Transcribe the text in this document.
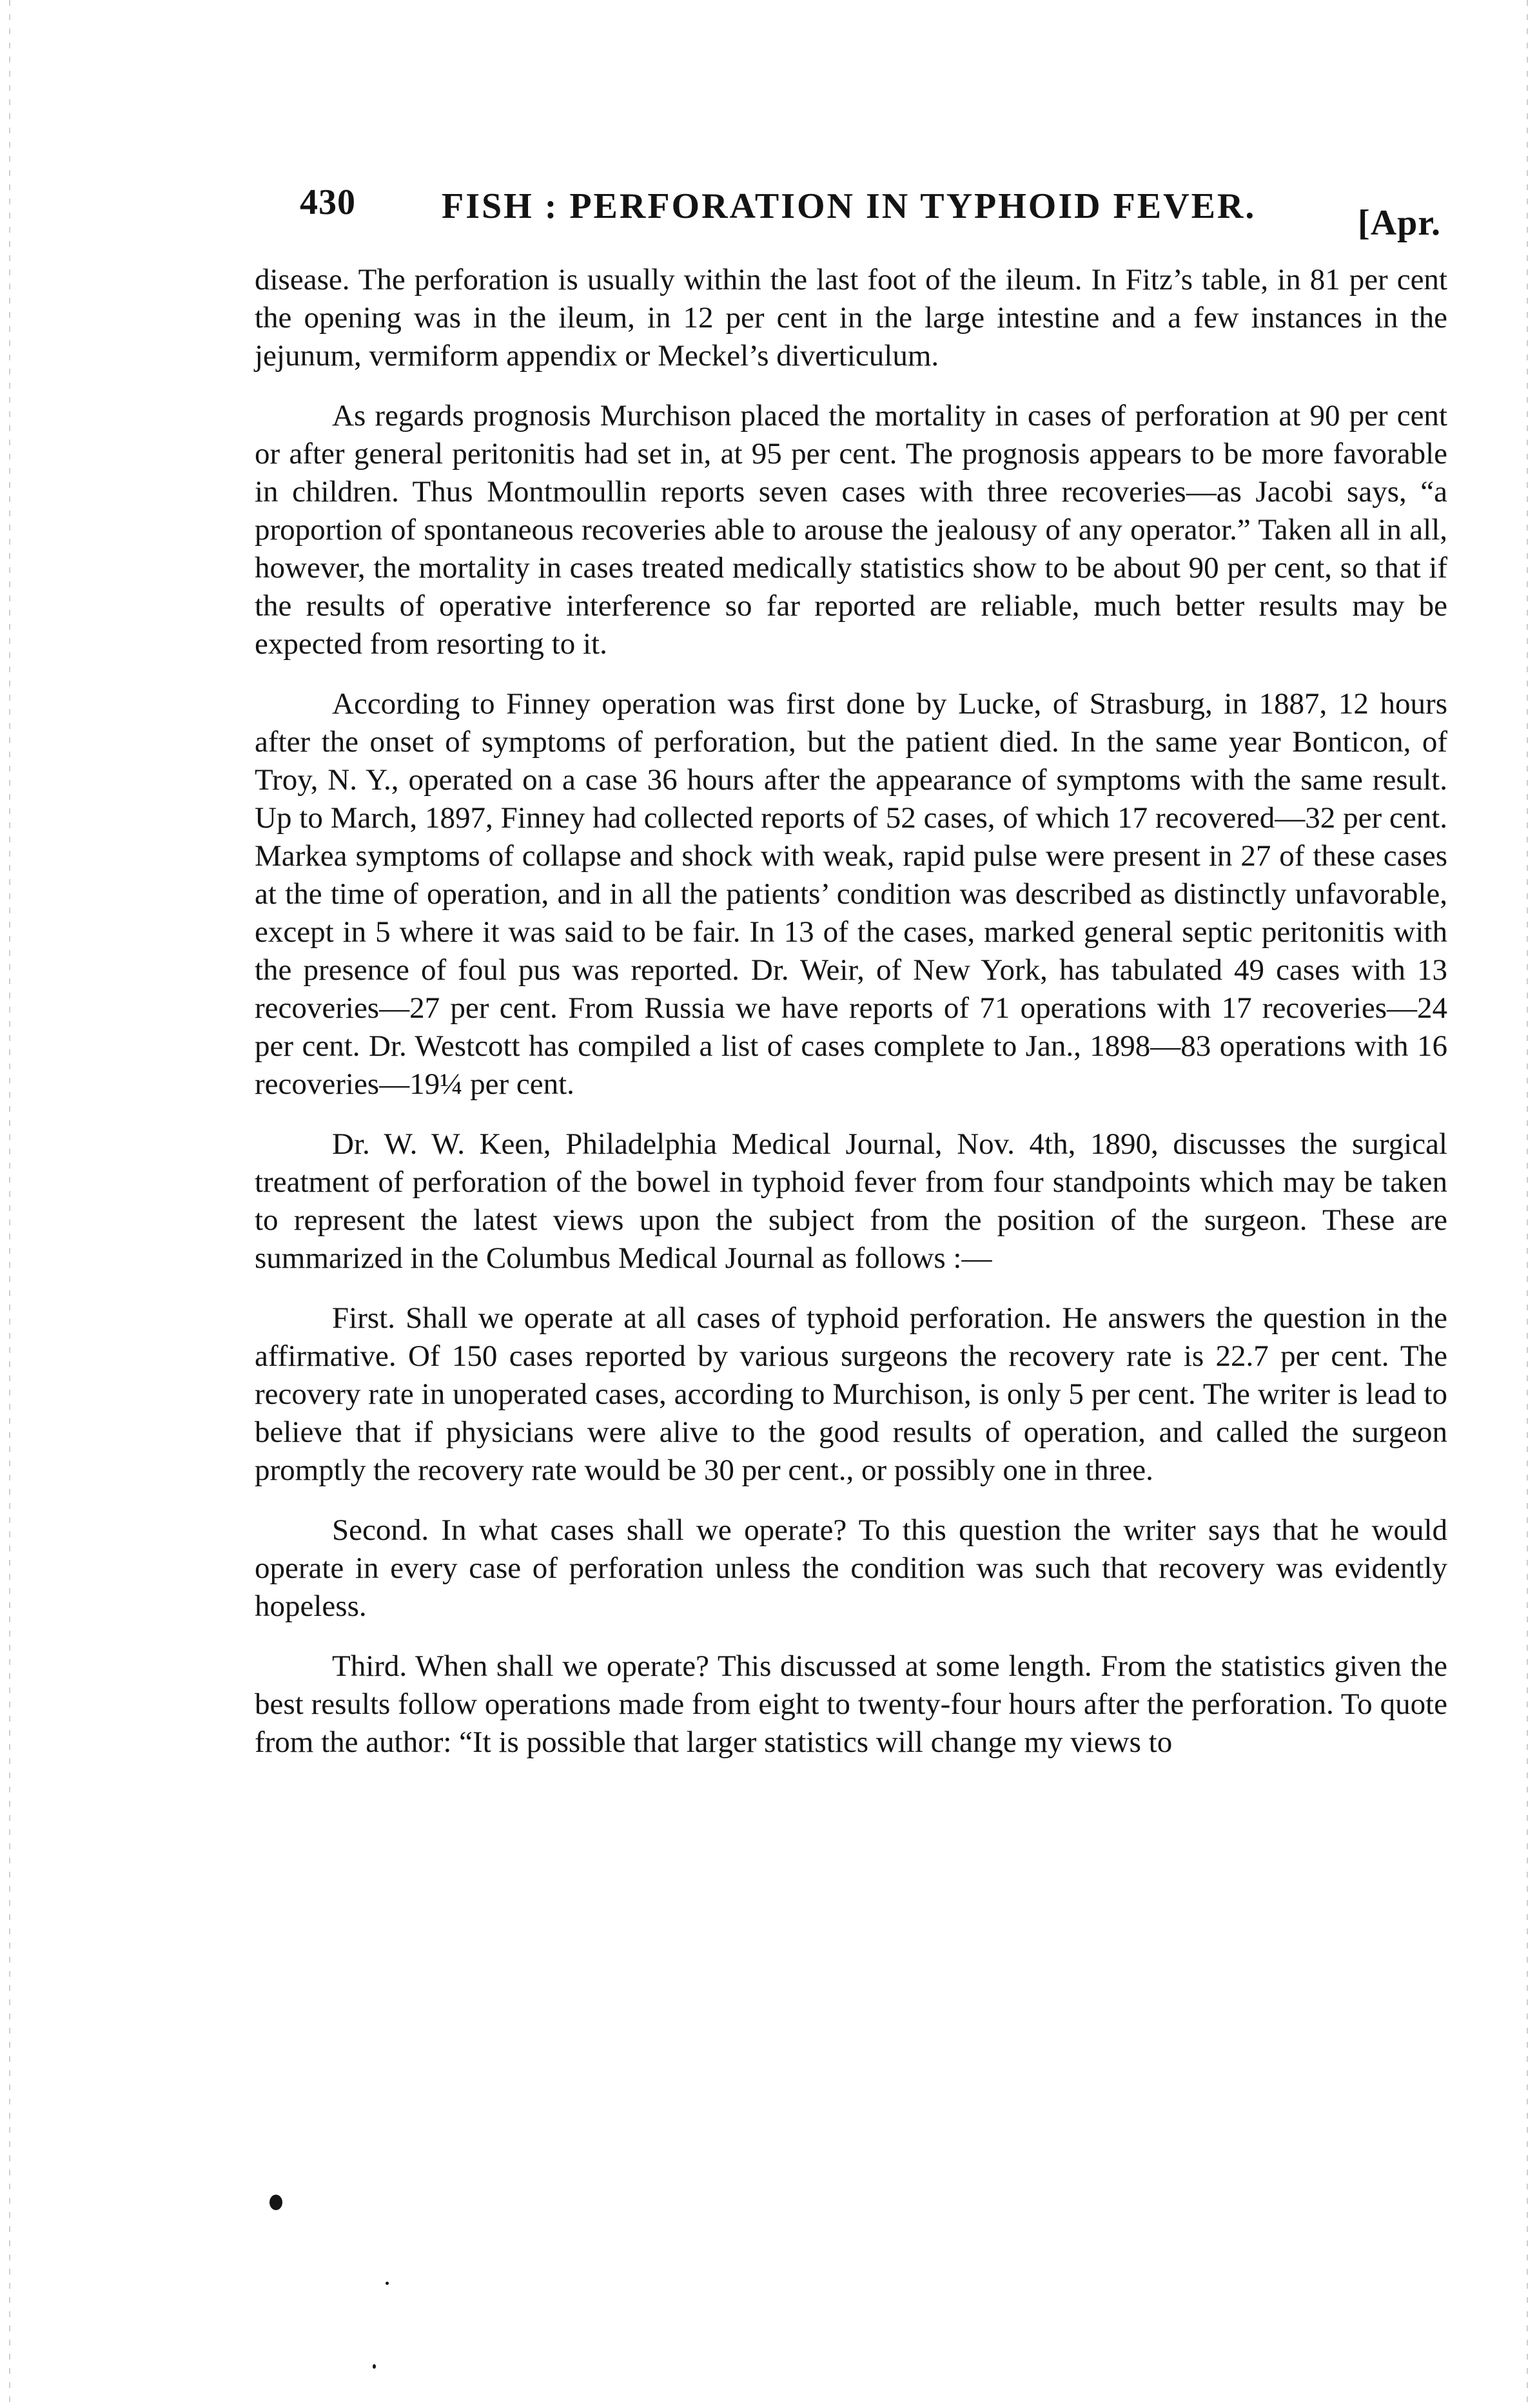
430 FISH : PERFORATION IN TYPHOID FEVER.	[Apr.

disease. The perforation is usually within the last foot of the ileum. In Fitz’s table, in 81 per cent the opening was in the ileum, in 12 per cent in the large intestine and a few instances in the jejunum, vermiform appendix or Meckel’s diverticulum.

As regards prognosis Murchison placed the mortality in cases of perforation at 90 per cent or after general peritonitis had set in, at 95 per cent. The prognosis appears to be more favorable in children. Thus Montmoullin reports seven cases with three recoveries—as Jacobi says, “a proportion of spontaneous recoveries able to arouse the jealousy of any operator.” Taken all in all, however, the mortality in cases treated medically statistics show to be about 90 per cent, so that if the results of operative interference so far reported are reliable, much better results may be expected from resorting to it.

According to Finney operation was first done by Lucke, of Strasburg, in 1887, 12 hours after the onset of symptoms of perforation, but the patient died. In the same year Bonticon, of Troy, N. Y., operated on a case 36 hours after the appearance of symptoms with the same result. Up to March, 1897, Finney had collected reports of 52 cases, of which 17 recovered—32 per cent. Markea symptoms of collapse and shock with weak, rapid pulse were present in 27 of these cases at the time of operation, and in all the patients’ condition was described as distinctly unfavorable, except in 5 where it was said to be fair. In 13 of the cases, marked general septic peritonitis with the presence of foul pus was reported. Dr. Weir, of New York, has tabulated 49 cases with 13 recoveries—27 per cent. From Russia we have reports of 71 operations with 17 recoveries—24 per cent. Dr. Westcott has compiled a list of cases complete to Jan., 1898—83 operations with 16 recoveries—19¼ per cent.

Dr. W. W. Keen, Philadelphia Medical Journal, Nov. 4th, 1890, discusses the surgical treatment of perforation of the bowel in typhoid fever from four standpoints which may be taken to represent the latest views upon the subject from the position of the surgeon. These are summarized in the Columbus Medical Journal as follows :—

First. Shall we operate at all cases of typhoid perforation. He answers the question in the affirmative. Of 150 cases reported by various surgeons the recovery rate is 22.7 per cent. The recovery rate in unoperated cases, according to Murchison, is only 5 per cent. The writer is lead to believe that if physicians were alive to the good results of operation, and called the surgeon promptly the recovery rate would be 30 per cent., or possibly one in three.

Second. In what cases shall we operate? To this question the writer says that he would operate in every case of perforation unless the condition was such that recovery was evidently hopeless.

Third. When shall we operate? This discussed at some length. From the statistics given the best results follow operations made from eight to twenty-four hours after the perforation. To quote from the author: “It is possible that larger statistics will change my views to
